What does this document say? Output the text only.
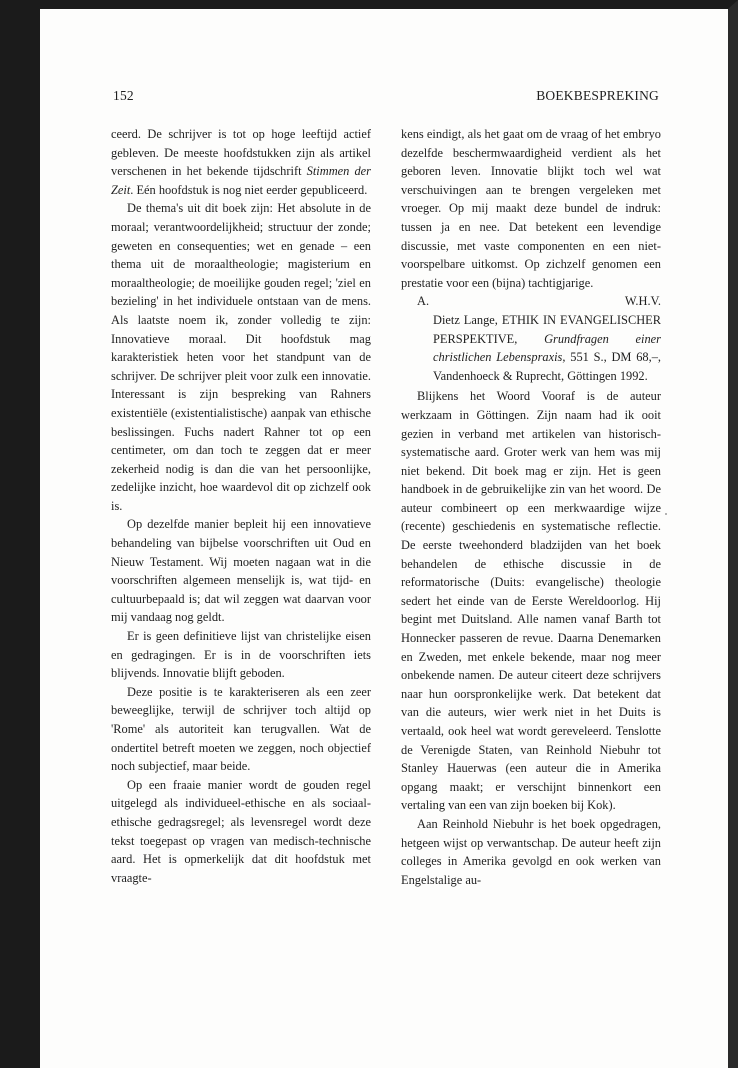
152	BOEKBESPREKING

ceerd. De schrijver is tot op hoge leeftijd actief gebleven. De meeste hoofdstukken zijn als artikel verschenen in het bekende tijdschrift Stimmen der Zeit. Eén hoofdstuk is nog niet eerder gepubliceerd.

De thema's uit dit boek zijn: Het absolute in de moraal; verantwoordelijkheid; structuur der zonde; geweten en consequenties; wet en genade – een thema uit de moraaltheologie; magisterium en moraaltheologie; de moeilijke gouden regel; 'ziel en bezieling' in het individuele ontstaan van de mens. Als laatste noem ik, zonder volledig te zijn: Innovatieve moraal. Dit hoofdstuk mag karakteristiek heten voor het standpunt van de schrijver. De schrijver pleit voor zulk een innovatie. Interessant is zijn bespreking van Rahners existentiële (existentialistische) aanpak van ethische beslissingen. Fuchs nadert Rahner tot op een centimeter, om dan toch te zeggen dat er meer zekerheid nodig is dan die van het persoonlijke, zedelijke inzicht, hoe waardevol dit op zichzelf ook is.

Op dezelfde manier bepleit hij een innovatieve behandeling van bijbelse voorschriften uit Oud en Nieuw Testament. Wij moeten nagaan wat in die voorschriften algemeen menselijk is, wat tijd- en cultuurbepaald is; dat wil zeggen wat daarvan voor mij vandaag nog geldt.

Er is geen definitieve lijst van christelijke eisen en gedragingen. Er is in de voorschriften iets blijvends. Innovatie blijft geboden.

Deze positie is te karakteriseren als een zeer beweeglijke, terwijl de schrijver toch altijd op 'Rome' als autoriteit kan terugvallen. Wat de ondertitel betreft moeten we zeggen, noch objectief noch subjectief, maar beide.

Op een fraaie manier wordt de gouden regel uitgelegd als individueel-ethische en als sociaal-ethische gedragsregel; als levensregel wordt deze tekst toegepast op vragen van medisch-technische aard. Het is opmerkelijk dat dit hoofdstuk met vraagte-

kens eindigt, als het gaat om de vraag of het embryo dezelfde beschermwaardigheid verdient als het geboren leven. Innovatie blijkt toch wel wat verschuivingen aan te brengen vergeleken met vroeger. Op mij maakt deze bundel de indruk: tussen ja en nee. Dat betekent een levendige discussie, met vaste componenten en een niet-voorspelbare uitkomst. Op zichzelf genomen een prestatie voor een (bijna) tachtigjarige.

A.	W.H.V.

Dietz Lange, ETHIK IN EVANGELISCHER PERSPEKTIVE, Grundfragen einer christlichen Lebenspraxis, 551 S., DM 68,–, Vandenhoeck & Ruprecht, Göttingen 1992.

Blijkens het Woord Vooraf is de auteur werkzaam in Göttingen. Zijn naam had ik ooit gezien in verband met artikelen van historisch-systematische aard. Groter werk van hem was mij niet bekend. Dit boek mag er zijn. Het is geen handboek in de gebruikelijke zin van het woord. De auteur combineert op een merkwaardige wijze (recente) geschiedenis en systematische reflectie. De eerste tweehonderd bladzijden van het boek behandelen de ethische discussie in de reformatorische (Duits: evangelische) theologie sedert het einde van de Eerste Wereldoorlog. Hij begint met Duitsland. Alle namen vanaf Barth tot Honnecker passeren de revue. Daarna Denemarken en Zweden, met enkele bekende, maar nog meer onbekende namen. De auteur citeert deze schrijvers naar hun oorspronkelijke werk. Dat betekent dat van die auteurs, wier werk niet in het Duits is vertaald, ook heel wat wordt gereveleerd. Tenslotte de Verenigde Staten, van Reinhold Niebuhr tot Stanley Hauerwas (een auteur die in Amerika opgang maakt; er verschijnt binnenkort een vertaling van een van zijn boeken bij Kok).

Aan Reinhold Niebuhr is het boek opgedragen, hetgeen wijst op verwantschap. De auteur heeft zijn colleges in Amerika gevolgd en ook werken van Engelstalige au-
